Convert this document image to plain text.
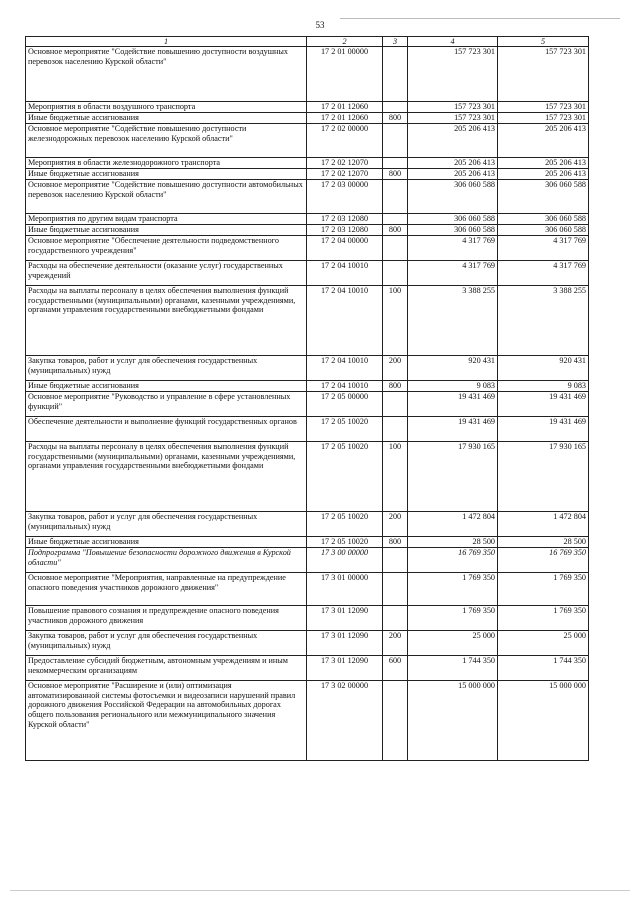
53
1	2	3	4	5
Основное мероприятие "Содействие повышению доступности воздушных перевозок населению Курской области"	17 2 01 00000		157 723 301	157 723 301
Мероприятия в области воздушного транспорта	17 2 01 12060		157 723 301	157 723 301
Иные бюджетные ассигнования	17 2 01 12060	800	157 723 301	157 723 301
Основное мероприятие "Содействие повышению доступности железнодорожных перевозок населению Курской области"	17 2 02 00000		205 206 413	205 206 413
Мероприятия в области железнодорожного транспорта	17 2 02 12070		205 206 413	205 206 413
Иные бюджетные ассигнования	17 2 02 12070	800	205 206 413	205 206 413
Основное мероприятие "Содействие повышению доступности автомобильных перевозок населению Курской области"	17 2 03 00000		306 060 588	306 060 588
Мероприятия по другим видам транспорта	17 2 03 12080		306 060 588	306 060 588
Иные бюджетные ассигнования	17 2 03 12080	800	306 060 588	306 060 588
Основное мероприятие "Обеспечение деятельности подведомственного государственного учреждения"	17 2 04 00000		4 317 769	4 317 769
Расходы на обеспечение деятельности (оказание услуг) государственных учреждений	17 2 04 10010		4 317 769	4 317 769
Расходы на выплаты персоналу в целях обеспечения выполнения функций государственными (муниципальными) органами, казенными учреждениями, органами управления государственными внебюджетными фондами	17 2 04 10010	100	3 388 255	3 388 255
Закупка товаров, работ и услуг для обеспечения государственных (муниципальных) нужд	17 2 04 10010	200	920 431	920 431
Иные бюджетные ассигнования	17 2 04 10010	800	9 083	9 083
Основное мероприятие "Руководство и управление в сфере установленных функций"	17 2 05 00000		19 431 469	19 431 469
Обеспечение деятельности и выполнение функций государственных органов	17 2 05 10020		19 431 469	19 431 469
Расходы на выплаты персоналу в целях обеспечения выполнения функций государственными (муниципальными) органами, казенными учреждениями, органами управления государственными внебюджетными фондами	17 2 05 10020	100	17 930 165	17 930 165
Закупка товаров, работ и услуг для обеспечения государственных (муниципальных) нужд	17 2 05 10020	200	1 472 804	1 472 804
Иные бюджетные ассигнования	17 2 05 10020	800	28 500	28 500
Подпрограмма "Повышение безопасности дорожного движения в Курской области"	17 3 00 00000		16 769 350	16 769 350
Основное мероприятие "Мероприятия, направленные на предупреждение опасного поведения участников дорожного движения"	17 3 01 00000		1 769 350	1 769 350
Повышение правового сознания и предупреждение опасного поведения участников дорожного движения	17 3 01 12090		1 769 350	1 769 350
Закупка товаров, работ и услуг для обеспечения государственных (муниципальных) нужд	17 3 01 12090	200	25 000	25 000
Предоставление субсидий бюджетным, автономным учреждениям и иным некоммерческим организациям	17 3 01 12090	600	1 744 350	1 744 350
Основное мероприятие "Расширение и (или) оптимизация автоматизированной системы фотосъемки и видеозаписи нарушений правил дорожного движения Российской Федерации на автомобильных дорогах общего пользования регионального или межмуниципального значения Курской области"	17 3 02 00000		15 000 000	15 000 000
